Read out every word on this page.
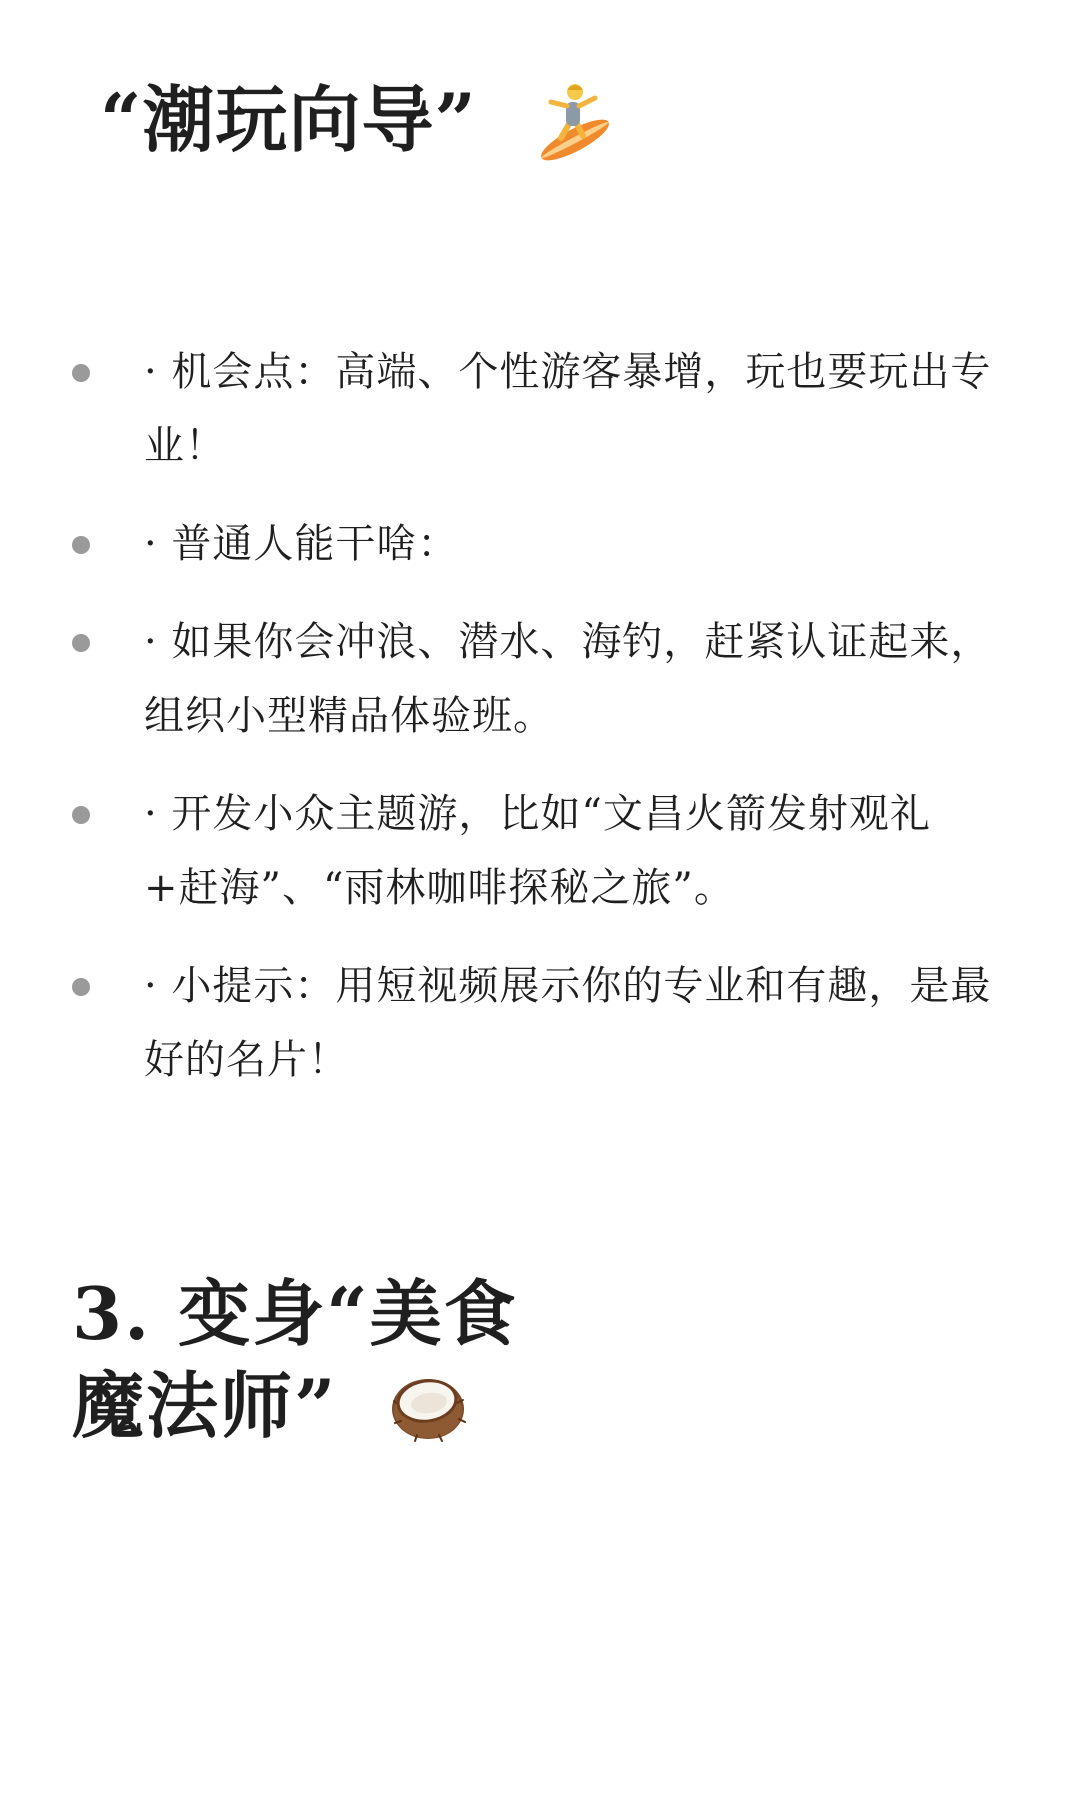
“潮玩向导”
· 机会点：高端、个性游客暴增，玩也要玩出专业！
· 普通人能干啥：
· 如果你会冲浪、潜水、海钓，赶紧认证起来，组织小型精品体验班。
· 开发小众主题游，比如“文昌火箭发射观礼+赶海”、“雨林咖啡探秘之旅”。
· 小提示：用短视频展示你的专业和有趣，是最好的名片！
3. 变身“美食
魔法师”
